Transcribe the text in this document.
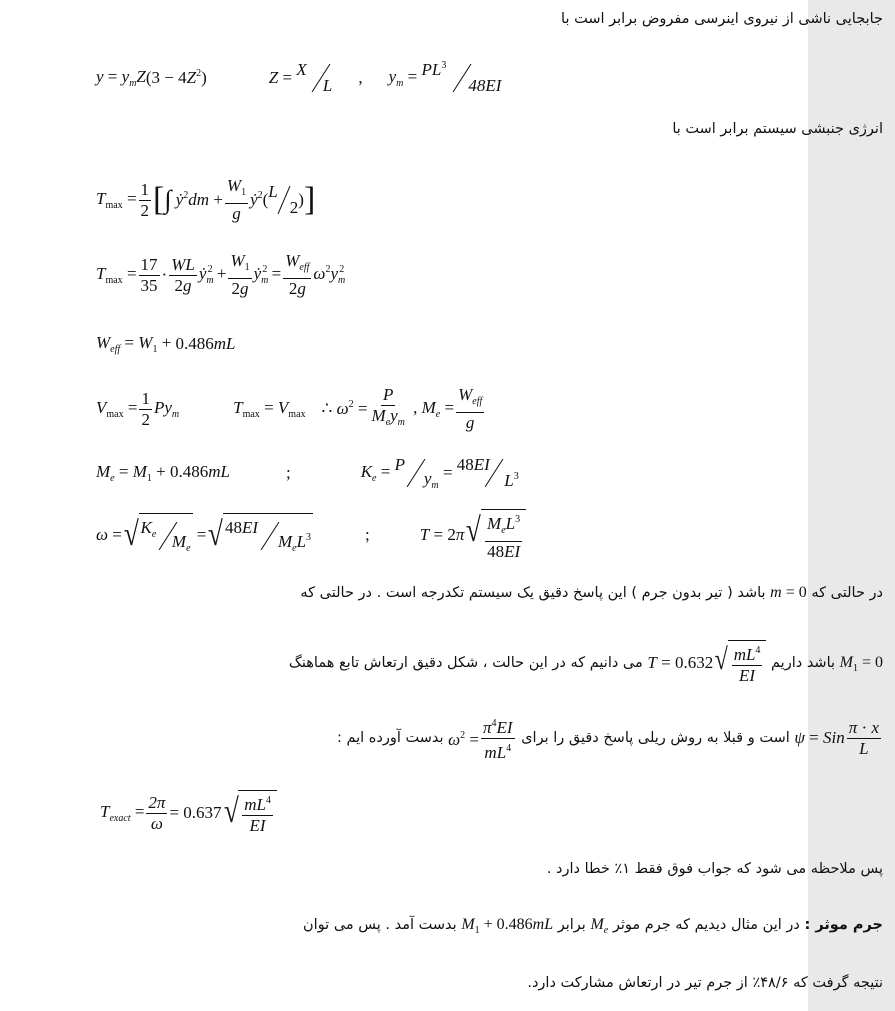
جابجایی ناشی از نیروی اینرسی مفروض برابر است با
$y = y_mZ$ (3 − 4 $Z^2$)	Z = X
L , $y_m = PL^3$
48EI
انرژی جنبشی سیستم برابر است با
$T_{max} = \frac{1}{2}$ [ ∫ ẏ$^2$dm + $\frac{W_1}{g}$ ẏ$^2$( L
2 ) ]
$T_{max} = \frac{17}{35} \cdot \frac{WL}{2g}$ ẏ$_m^2$ + $\frac{W_1}{2g}$ ẏ$_m^2$ = $\frac{W_{eff}}{2g} \omega^2y_m^2$
$W_{eff} = W_1 + 0.486$ mL
$V_{max} = \frac{1}{2} Py_m$	$T_{max} = V_{max}$ ∴ $\omega^2 = \frac{P}{M_ey_m}$ , $M_e = \frac{W_{eff}}{g}$
$M_e = M_1 + 0.486mL$	;	$K_e = P$
$y_m$
= 48EI
$L^3$
ω = √ $K_e$ $M_e$
= √ 48EI
$M_eL^3$	;	T = 2π √ $\frac{M_eL^3}{48EI}$
در حالتی که m = 0 باشد ( تیر بدون جرم ) این پاسخ دقیق یک سیستم تکدرجه است . در حالتی که
$M_1 = 0$ باشد داریم
T = 0.632 √ $\frac{mL^4}{EI}$
می دانیم که در این حالت ، شکل دقیق ارتعاش تابع هماهنگ
ψ = Sin $\frac{\pi \cdot x}{L}$
است و قبلا به روش ریلی پاسخ دقیق را برای
$\omega^2 = \frac{\pi^4EI}{mL^4}$
بدست آورده ایم :
$T_{exact} = \frac{2\pi}{\omega} = 0.637$ √ $\frac{mL^4}{EI}$
پس ملاحظه می شود که جواب فوق فقط ۱٪ خطا دارد .
جرم موثر : در این مثال دیدیم که جرم موثر $M_e$ برابر $M_1 + 0.486mL$ بدست آمد . پس می توان
نتیجه گرفت که ۴۸/۶٪ از جرم تیر در ارتعاش مشارکت دارد.
